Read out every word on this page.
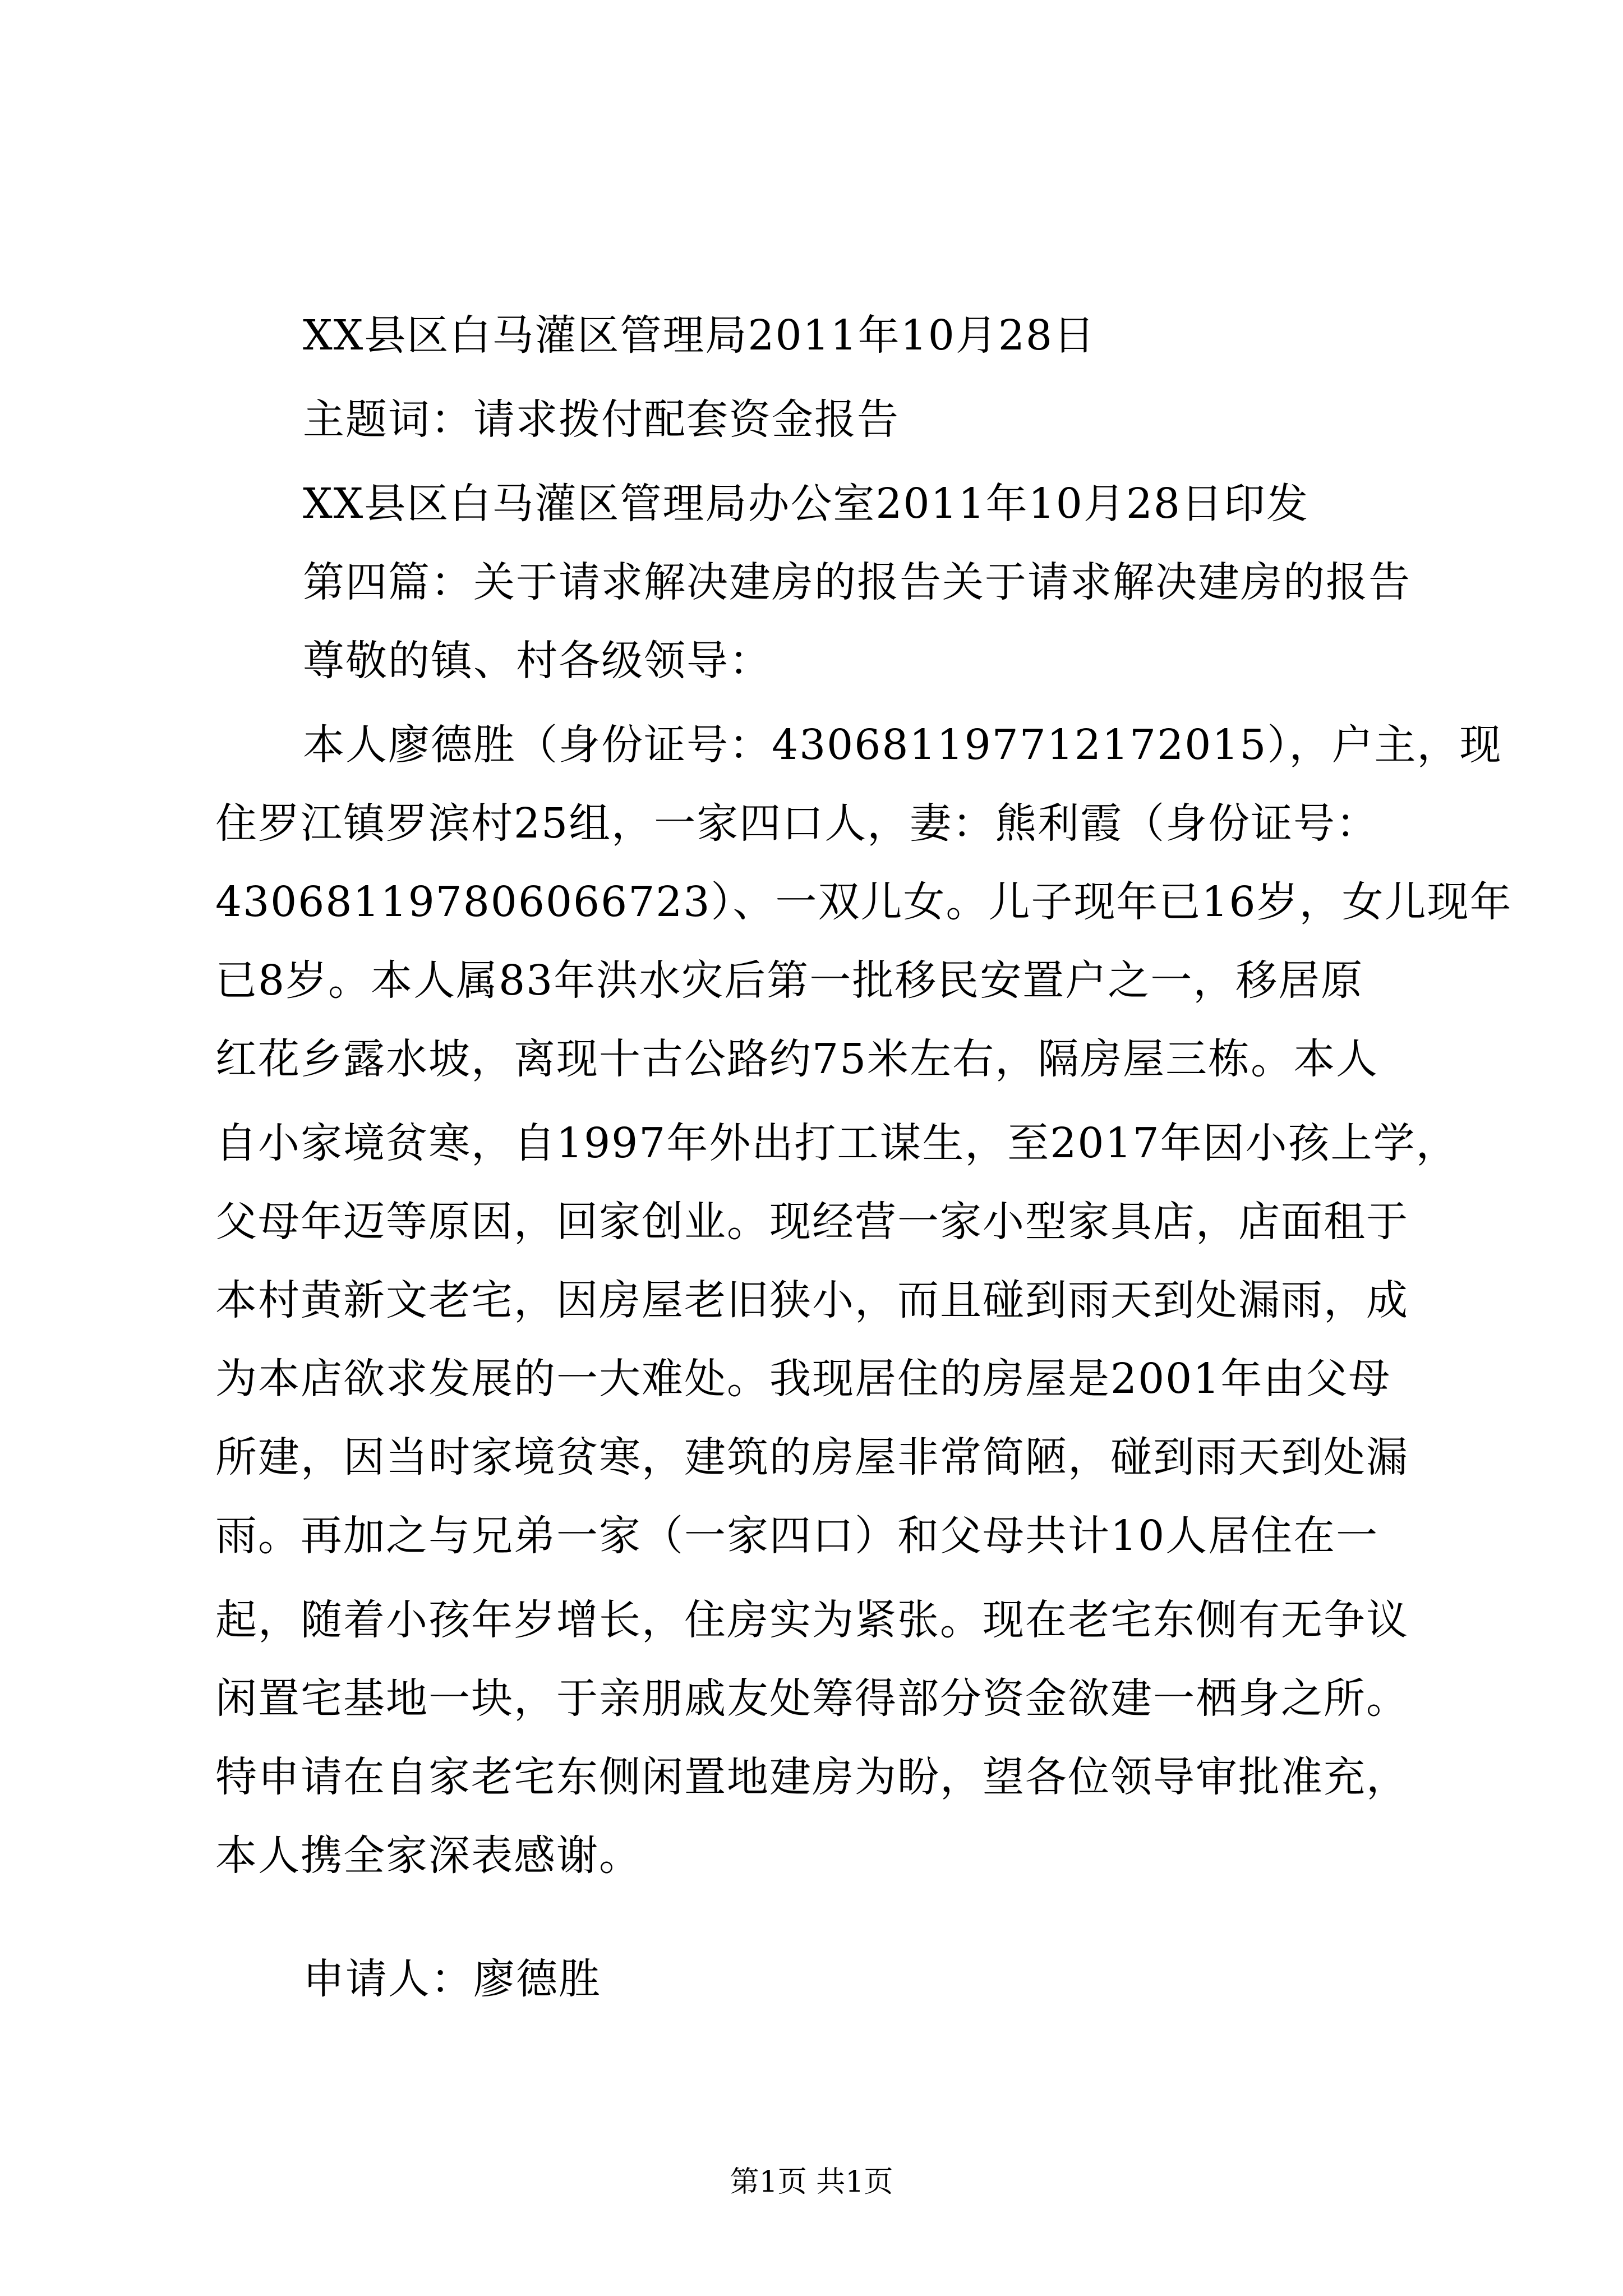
XX县区白马灌区管理局2011年10月28日

主题词：请求拨付配套资金报告

XX县区白马灌区管理局办公室2011年10月28日印发

第四篇：关于请求解决建房的报告关于请求解决建房的报告

尊敬的镇、村各级领导：

本人廖德胜（身份证号：430681197712172015），户主，现

住罗江镇罗滨村25组，一家四口人，妻：熊利霞（身份证号：

430681197806066723）、一双儿女。儿子现年已16岁，女儿现年

已8岁。本人属83年洪水灾后第一批移民安置户之一，移居原

红花乡露水坡，离现十古公路约75米左右，隔房屋三栋。本人

自小家境贫寒，自1997年外出打工谋生，至2017年因小孩上学，

父母年迈等原因，回家创业。现经营一家小型家具店，店面租于

本村黄新文老宅，因房屋老旧狭小，而且碰到雨天到处漏雨，成

为本店欲求发展的一大难处。我现居住的房屋是2001年由父母

所建，因当时家境贫寒，建筑的房屋非常简陋，碰到雨天到处漏

雨。再加之与兄弟一家（一家四口）和父母共计10人居住在一

起，随着小孩年岁增长，住房实为紧张。现在老宅东侧有无争议

闲置宅基地一块，于亲朋戚友处筹得部分资金欲建一栖身之所。

特申请在自家老宅东侧闲置地建房为盼，望各位领导审批准充，

本人携全家深表感谢。

申请人：廖德胜

第1页 共1页
